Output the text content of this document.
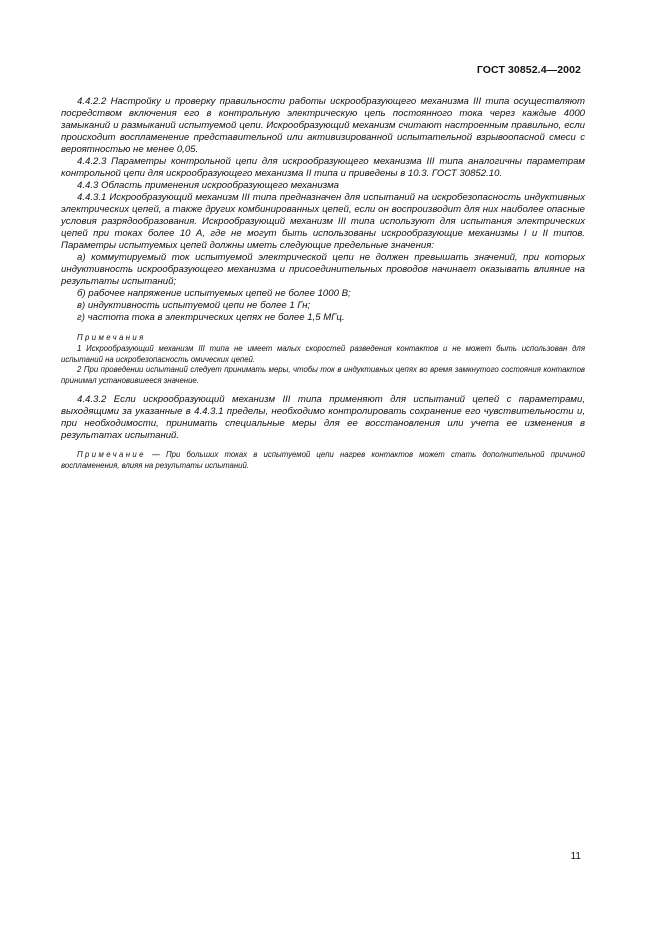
ГОСТ 30852.4—2002

4.4.2.2 Настройку и проверку правильности работы искрообразующего механизма III типа осуществляют посредством включения его в контрольную электрическую цепь постоянного тока через каждые 4000 замыканий и размыканий испытуемой цепи. Искрообразующий механизм считают настроенным правильно, если происходит воспламенение представительной или активизированной испытательной взрывоопасной смеси с вероятностью не менее 0,05.

4.4.2.3 Параметры контрольной цепи для искрообразующего механизма III типа аналогичны параметрам контрольной цепи для искрообразующего механизма II типа и приведены в 10.3. ГОСТ 30852.10.

4.4.3 Область применения искрообразующего механизма

4.4.3.1 Искрообразующий механизм III типа предназначен для испытаний на искробезопасность индуктивных электрических цепей, а также других комбинированных цепей, если он воспроизводит для них наиболее опасные условия разрядообразования. Искрообразующий механизм III типа используют для испытания электрических цепей при токах более 10 А, где не могут быть использованы искрообразующие механизмы I и II типов. Параметры испытуемых цепей должны иметь следующие предельные значения:

а) коммутируемый ток испытуемой электрической цепи не должен превышать значений, при которых индуктивность искрообразующего механизма и присоединительных проводов начинает оказывать влияние на результаты испытаний;

б) рабочее напряжение испытуемых цепей не более 1000 В;

в) индуктивность испытуемой цепи не более 1 Гн;

г) частота тока в электрических цепях не более 1,5 МГц.

Примечания

1 Искрообразующий механизм III типа не имеет малых скоростей разведения контактов и не может быть использован для испытаний на искробезопасность омических цепей.

2 При проведении испытаний следует принимать меры, чтобы ток в индуктивных цепях во время замкнутого состояния контактов принимал установившееся значение.

4.4.3.2 Если искрообразующий механизм III типа применяют для испытаний цепей с параметрами, выходящими за указанные в 4.4.3.1 пределы, необходимо контролировать сохранение его чувствительности и, при необходимости, принимать специальные меры для ее восстановления или учета ее изменения в результатах испытаний.

Примечание — При больших токах в испытуемой цепи нагрев контактов может стать дополнительной причиной воспламенения, влияя на результаты испытаний.

11
